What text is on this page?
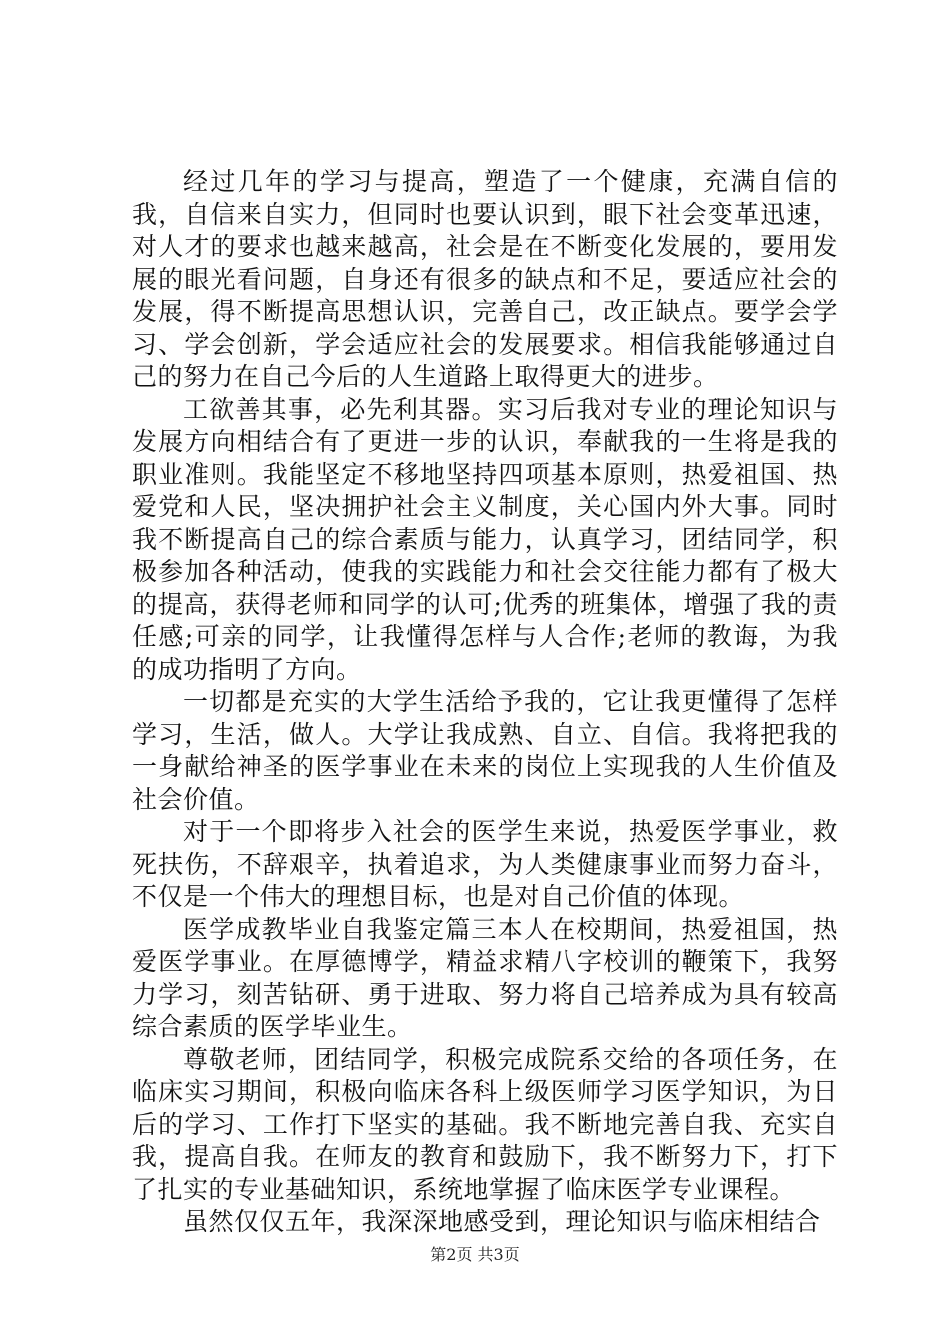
经过几年的学习与提高，塑造了一个健康，充满自信的我，自信来自实力，但同时也要认识到，眼下社会变革迅速，对人才的要求也越来越高，社会是在不断变化发展的，要用发展的眼光看问题，自身还有很多的缺点和不足，要适应社会的发展，得不断提高思想认识，完善自己，改正缺点。要学会学习、学会创新，学会适应社会的发展要求。相信我能够通过自己的努力在自己今后的人生道路上取得更大的进步。

工欲善其事，必先利其器。实习后我对专业的理论知识与发展方向相结合有了更进一步的认识，奉献我的一生将是我的职业准则。我能坚定不移地坚持四项基本原则，热爱祖国、热爱党和人民，坚决拥护社会主义制度，关心国内外大事。同时我不断提高自己的综合素质与能力，认真学习，团结同学，积极参加各种活动，使我的实践能力和社会交往能力都有了极大的提高，获得老师和同学的认可;优秀的班集体，增强了我的责任感;可亲的同学，让我懂得怎样与人合作;老师的教诲，为我的成功指明了方向。

一切都是充实的大学生活给予我的，它让我更懂得了怎样学习，生活，做人。大学让我成熟、自立、自信。我将把我的一身献给神圣的医学事业在未来的岗位上实现我的人生价值及社会价值。

对于一个即将步入社会的医学生来说，热爱医学事业，救死扶伤，不辞艰辛，执着追求，为人类健康事业而努力奋斗，不仅是一个伟大的理想目标，也是对自己价值的体现。

医学成教毕业自我鉴定篇三本人在校期间，热爱祖国，热爱医学事业。在厚德博学，精益求精八字校训的鞭策下，我努力学习，刻苦钻研、勇于进取、努力将自己培养成为具有较高综合素质的医学毕业生。

尊敬老师，团结同学，积极完成院系交给的各项任务，在临床实习期间，积极向临床各科上级医师学习医学知识，为日后的学习、工作打下坚实的基础。我不断地完善自我、充实自我，提高自我。在师友的教育和鼓励下，我不断努力下，打下了扎实的专业基础知识，系统地掌握了临床医学专业课程。

虽然仅仅五年，我深深地感受到，理论知识与临床相结合

第2页 共3页
